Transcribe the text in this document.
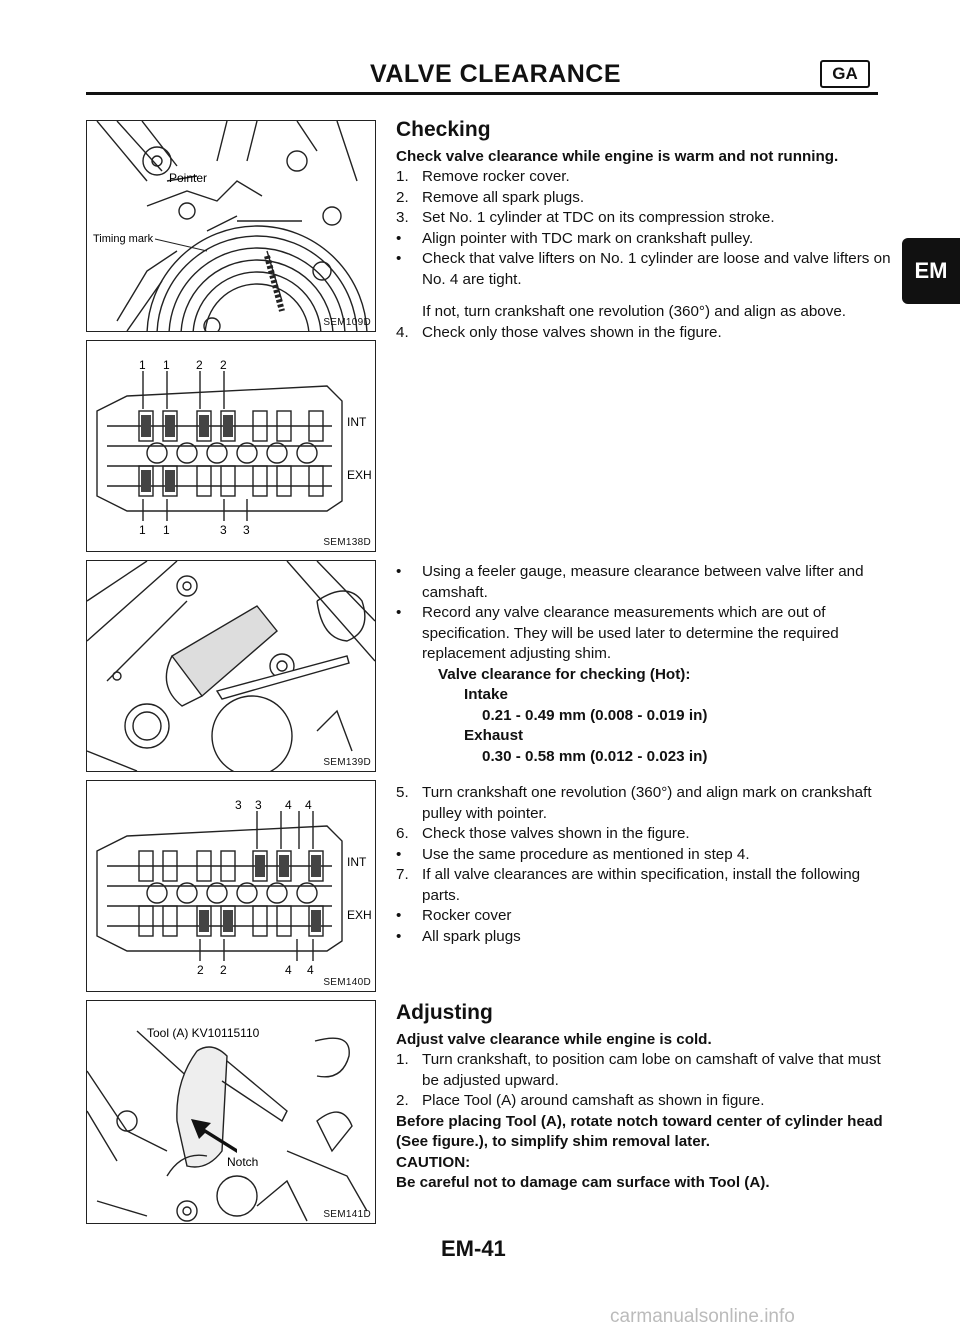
VALVE CLEARANCE	GA
EM
Pointer
Timing mark
SEM109D
1 1 2 2
1 1	3 3
INT
EXH
SEM138D
SEM139D
3 3 4 4
2 2	4 4
INT
EXH
SEM140D
Tool (A) KV10115110
Notch
SEM141D

Checking

Check valve clearance while engine is warm and not running.

1. Remove rocker cover.
2. Remove all spark plugs.
3. Set No. 1 cylinder at TDC on its compression stroke.
•	Align pointer with TDC mark on crankshaft pulley.
•	Check that valve lifters on No. 1 cylinder are loose and valve lifters on No. 4 are tight.

If not, turn crankshaft one revolution (360°) and align as above.

4. Check only those valves shown in the figure.
•	Using a feeler gauge, measure clearance between valve lifter and camshaft.
•	Record any valve clearance measurements which are out of specification. They will be used later to determine the required replacement adjusting shim.

Valve clearance for checking (Hot):

Intake

0.21 - 0.49 mm (0.008 - 0.019 in)

Exhaust

0.30 - 0.58 mm (0.012 - 0.023 in)

5. Turn crankshaft one revolution (360°) and align mark on crankshaft pulley with pointer.
6. Check those valves shown in the figure.
•	Use the same procedure as mentioned in step 4.
7. If all valve clearances are within specification, install the following parts.
•	Rocker cover
•	All spark plugs

Adjusting

Adjust valve clearance while engine is cold.

1. Turn crankshaft, to position cam lobe on camshaft of valve that must be adjusted upward.
2. Place Tool (A) around camshaft as shown in figure.

Before placing Tool (A), rotate notch toward center of cylinder head (See figure.), to simplify shim removal later.

CAUTION:

Be careful not to damage cam surface with Tool (A).

EM-41
carmanualsonline.info
